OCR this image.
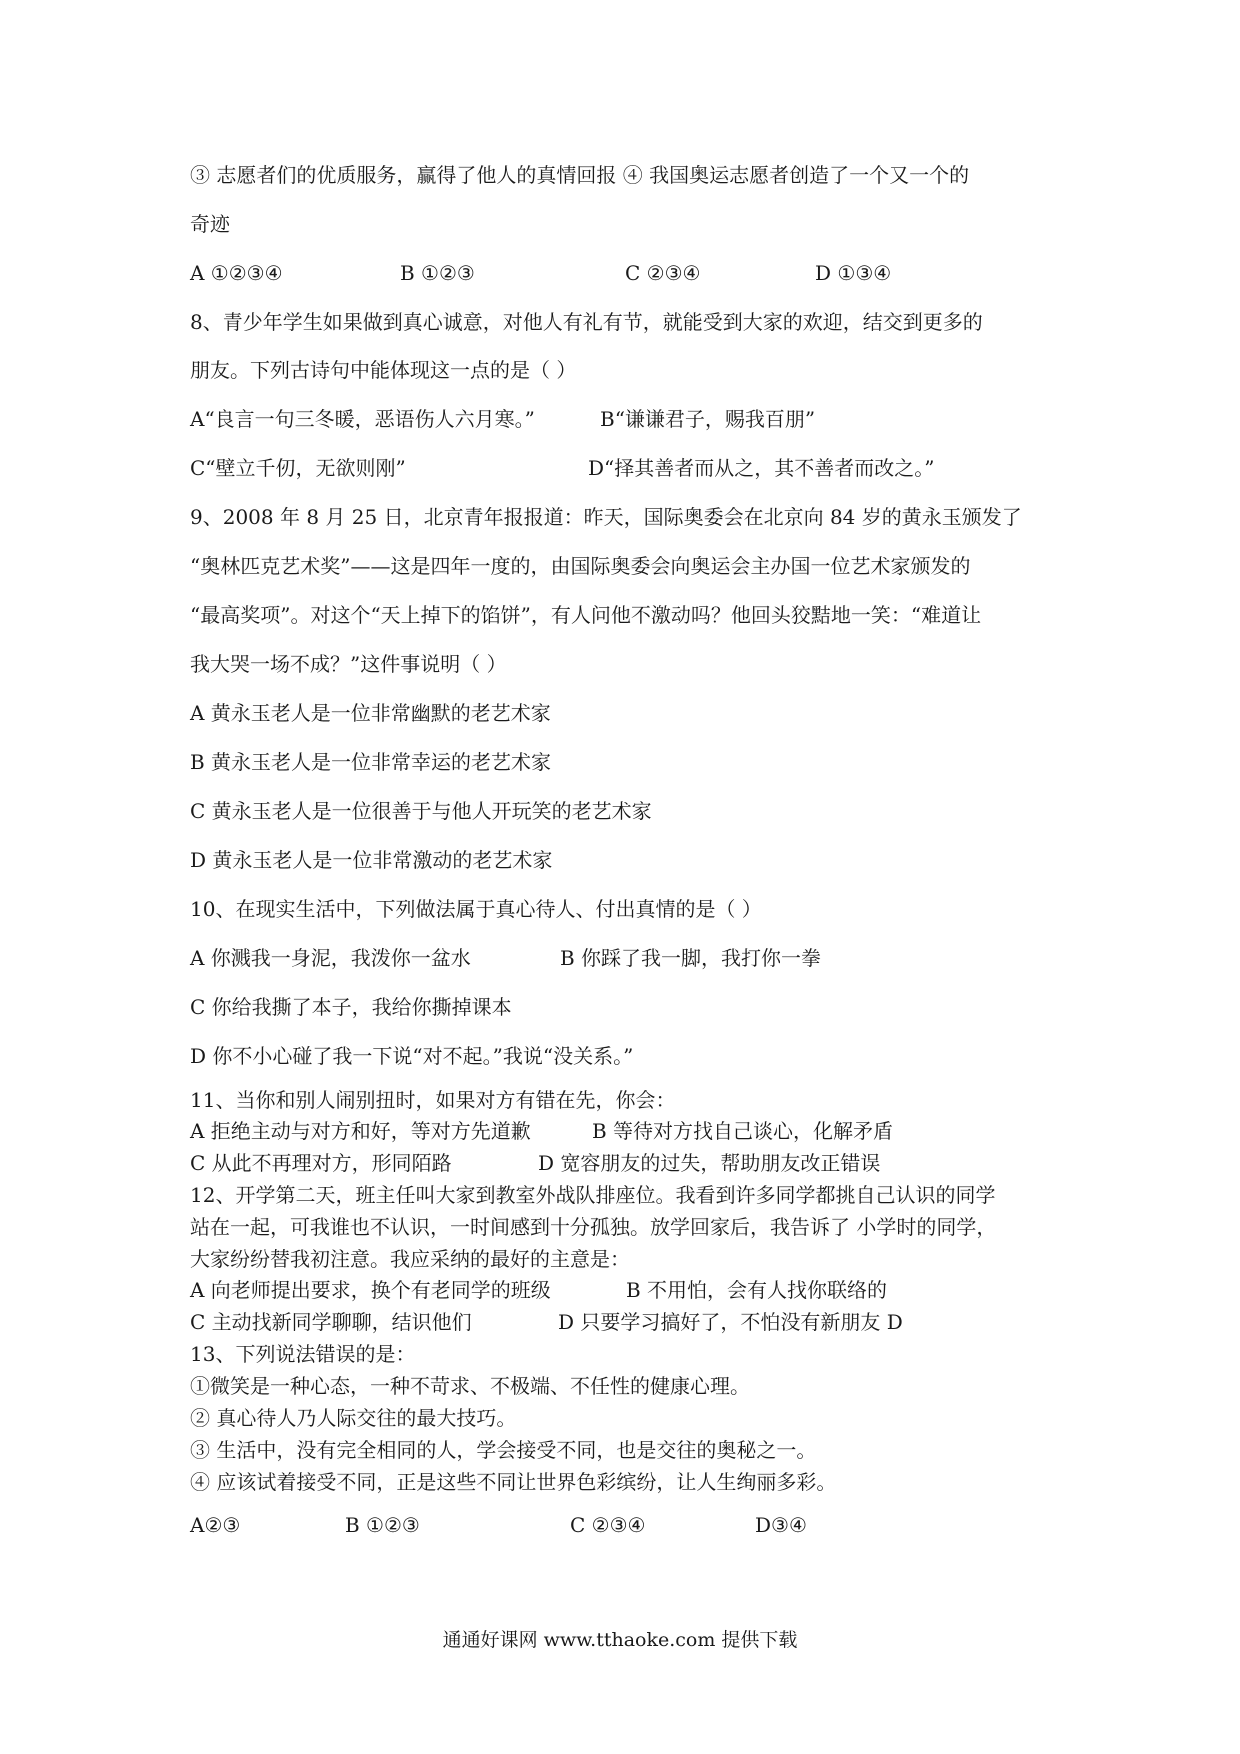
③ 志愿者们的优质服务，赢得了他人的真情回报 ④ 我国奥运志愿者创造了一个又一个的
奇迹
A ①②③④	B ①②③	C ②③④	D ①③④
8、青少年学生如果做到真心诚意，对他人有礼有节，就能受到大家的欢迎，结交到更多的
朋友。下列古诗句中能体现这一点的是（ ）
A“良言一句三冬暖，恶语伤人六月寒。”	B“谦谦君子，赐我百朋”
C“壁立千仞，无欲则刚”	D“择其善者而从之，其不善者而改之。”
9、2008 年 8 月 25 日，北京青年报报道：昨天，国际奥委会在北京向 84 岁的黄永玉颁发了
“奥林匹克艺术奖”——这是四年一度的，由国际奥委会向奥运会主办国一位艺术家颁发的
“最高奖项”。对这个“天上掉下的馅饼”，有人问他不激动吗？他回头狡黠地一笑：“难道让
我大哭一场不成？”这件事说明（ ）
A 黄永玉老人是一位非常幽默的老艺术家
B 黄永玉老人是一位非常幸运的老艺术家
C 黄永玉老人是一位很善于与他人开玩笑的老艺术家
D 黄永玉老人是一位非常激动的老艺术家
10、在现实生活中，下列做法属于真心待人、付出真情的是（ ）
A 你溅我一身泥，我泼你一盆水	B 你踩了我一脚，我打你一拳
C 你给我撕了本子，我给你撕掉课本
D 你不小心碰了我一下说“对不起。”我说“没关系。”
11、当你和别人闹别扭时，如果对方有错在先，你会：
A 拒绝主动与对方和好，等对方先道歉	B 等待对方找自己谈心，化解矛盾
C 从此不再理对方，形同陌路	D 宽容朋友的过失，帮助朋友改正错误
12、开学第二天，班主任叫大家到教室外战队排座位。我看到许多同学都挑自己认识的同学
站在一起，可我谁也不认识，一时间感到十分孤独。放学回家后，我告诉了 小学时的同学，
大家纷纷替我初注意。我应采纳的最好的主意是：
A 向老师提出要求，换个有老同学的班级	B 不用怕，会有人找你联络的
C 主动找新同学聊聊，结识他们	D 只要学习搞好了，不怕没有新朋友 D
13、下列说法错误的是：
①微笑是一种心态，一种不苛求、不极端、不任性的健康心理。
② 真心待人乃人际交往的最大技巧。
③ 生活中，没有完全相同的人，学会接受不同，也是交往的奥秘之一。
④ 应该试着接受不同，正是这些不同让世界色彩缤纷，让人生绚丽多彩。
A②③	B ①②③	C ②③④	D③④
通通好课网 www.tthaoke.com 提供下载
